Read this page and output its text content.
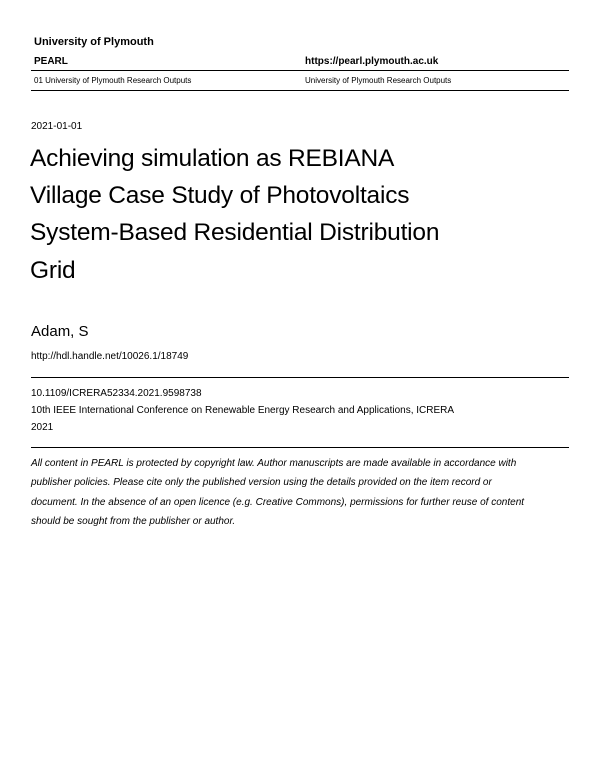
University of Plymouth
PEARL	https://pearl.plymouth.ac.uk
01 University of Plymouth Research Outputs	University of Plymouth Research Outputs
2021-01-01
Achieving simulation as REBIANA
Village Case Study of Photovoltaics
System-Based Residential Distribution
Grid
Adam, S
http://hdl.handle.net/10026.1/18749
10.1109/ICRERA52334.2021.9598738
10th IEEE International Conference on Renewable Energy Research and Applications, ICRERA
2021
All content in PEARL is protected by copyright law. Author manuscripts are made available in accordance with
publisher policies. Please cite only the published version using the details provided on the item record or
document. In the absence of an open licence (e.g. Creative Commons), permissions for further reuse of content
should be sought from the publisher or author.
